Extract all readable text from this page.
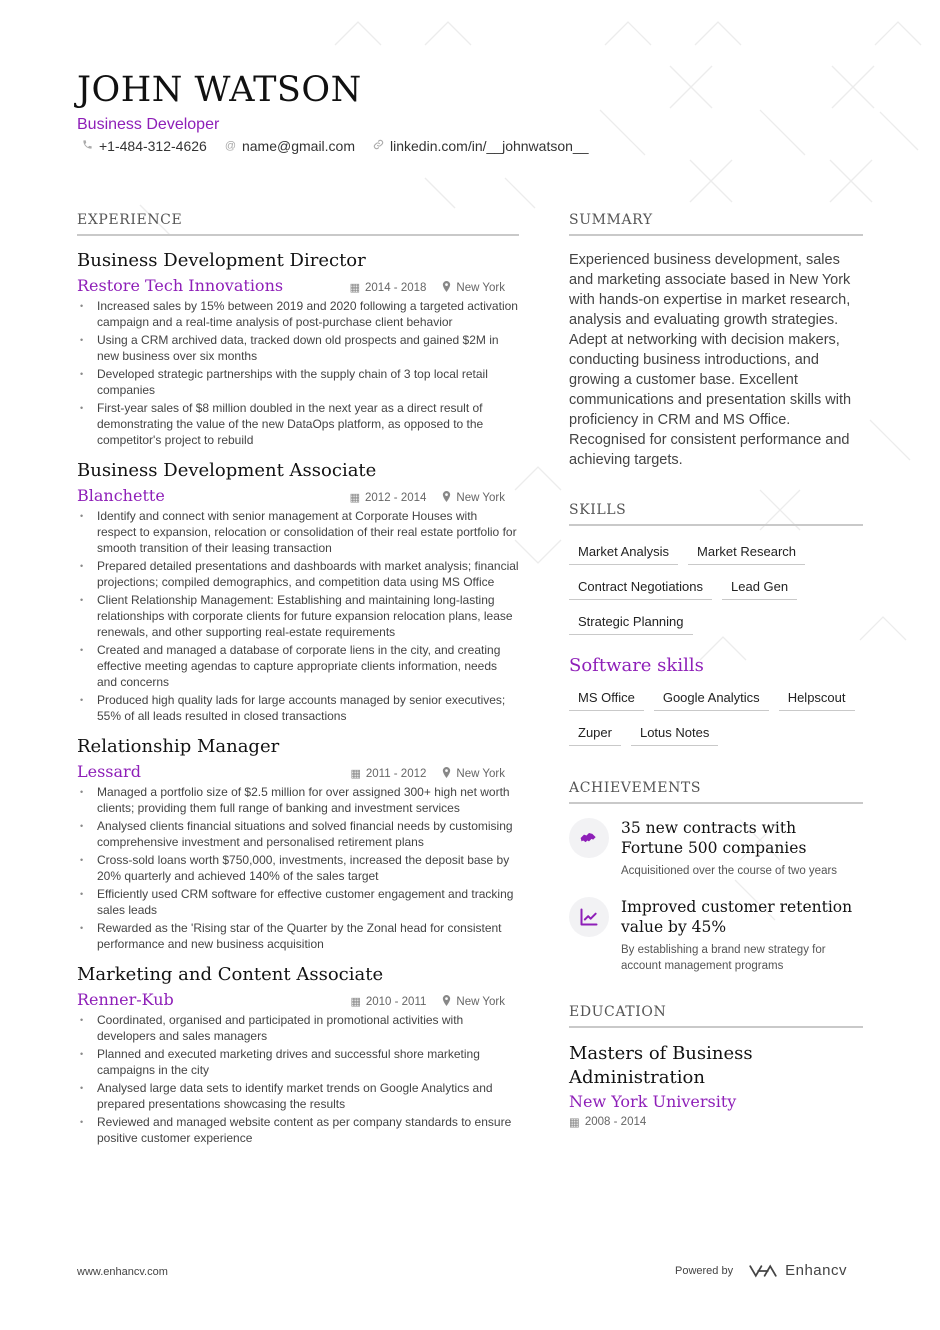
JOHN WATSON
Business Developer
+1-484-312-4626 @ name@gmail.com	linkedin.com/in/__johnwatson__
EXPERIENCE
Business Development Director
Restore Tech Innovations	▦ 2014 - 2018	New York
• Increased sales by 15% between 2019 and 2020 following a targeted activation campaign and a real-time analysis of post-purchase client behavior
• Using a CRM archived data, tracked down old prospects and gained $2M in new business over six months
• Developed strategic partnerships with the supply chain of 3 top local retail companies
• First-year sales of $8 million doubled in the next year as a direct result of demonstrating the value of the new DataOps platform, as opposed to the competitor's project to rebuild
Business Development Associate
Blanchette	▦ 2012 - 2014	New York
• Identify and connect with senior management at Corporate Houses with respect to expansion, relocation or consolidation of their real estate portfolio for smooth transition of their leasing transaction
• Prepared detailed presentations and dashboards with market analysis; financial projections; compiled demographics, and competition data using MS Office
• Client Relationship Management: Establishing and maintaining long-lasting relationships with corporate clients for future expansion relocation plans, lease renewals, and other supporting real-estate requirements
• Created and managed a database of corporate liens in the city, and creating effective meeting agendas to capture appropriate clients information, needs and concerns
• Produced high quality lads for large accounts managed by senior executives; 55% of all leads resulted in closed transactions
Relationship Manager
Lessard	▦ 2011 - 2012	New York
• Managed a portfolio size of $2.5 million for over assigned 300+ high net worth clients; providing them full range of banking and investment services
• Analysed clients financial situations and solved financial needs by customising comprehensive investment and personalised retirement plans
• Cross-sold loans worth $750,000, investments, increased the deposit base by 20% quarterly and achieved 140% of the sales target
• Efficiently used CRM software for effective customer engagement and tracking sales leads
• Rewarded as the 'Rising star of the Quarter by the Zonal head for consistent performance and new business acquisition
Marketing and Content Associate
Renner-Kub	▦ 2010 - 2011	New York
• Coordinated, organised and participated in promotional activities with developers and sales managers
• Planned and executed marketing drives and successful shore marketing campaigns in the city
• Analysed large data sets to identify market trends on Google Analytics and prepared presentations showcasing the results
• Reviewed and managed website content as per company standards to ensure positive customer experience
SUMMARY

Experienced business development, sales and marketing associate based in New York with hands-on expertise in market research, analysis and evaluating growth strategies. Adept at networking with decision makers, conducting business introductions, and growing a customer base. Excellent communications and presentation skills with proficiency in CRM and MS Office. Recognised for consistent performance and achieving targets.

SKILLS
Market Analysis	Market Research
Contract Negotiations	Lead Gen
Strategic Planning
Software skills
MS Office	Google Analytics	Helpscout
Zuper	Lotus Notes
ACHIEVEMENTS
35 new contracts with Fortune 500 companies
Acquisitioned over the course of two years
Improved customer retention value by 45%
By establishing a brand new strategy for account management programs
EDUCATION
Masters of Business Administration
New York University
▦ 2008 - 2014
www.enhancv.com	Powered by	Enhancv
